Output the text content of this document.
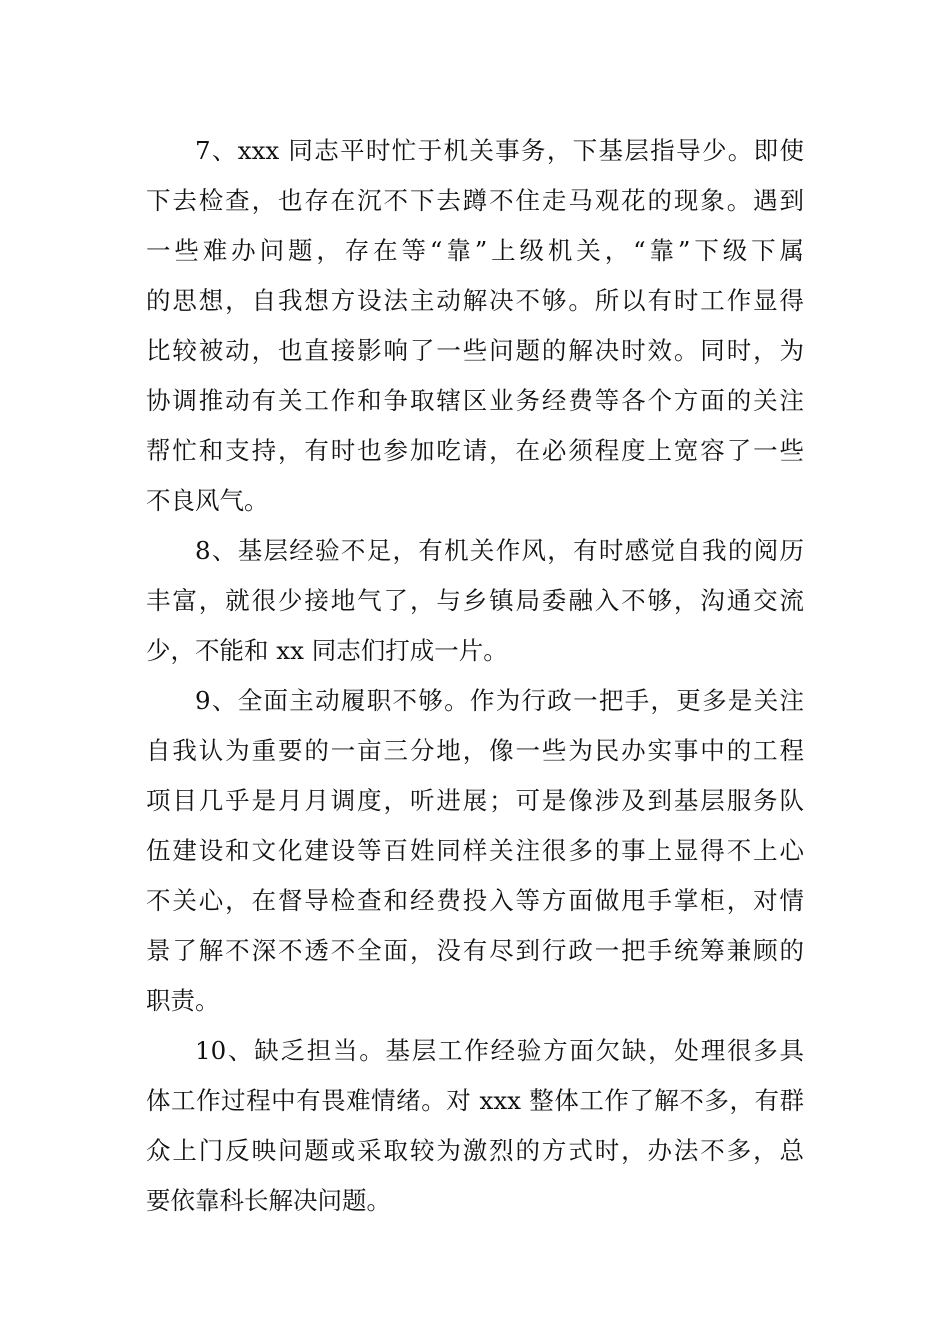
7、xxx 同志平时忙于机关事务，下基层指导少。即使
下去检查，也存在沉不下去蹲不住走马观花的现象。遇到
一些难办问题，存在等“靠”上级机关，“靠”下级下属
的思想，自我想方设法主动解决不够。所以有时工作显得
比较被动，也直接影响了一些问题的解决时效。同时，为
协调推动有关工作和争取辖区业务经费等各个方面的关注
帮忙和支持，有时也参加吃请，在必须程度上宽容了一些
不良风气。
8、基层经验不足，有机关作风，有时感觉自我的阅历
丰富，就很少接地气了，与乡镇局委融入不够，沟通交流
少，不能和 xx 同志们打成一片。
9、全面主动履职不够。作为行政一把手，更多是关注
自我认为重要的一亩三分地，像一些为民办实事中的工程
项目几乎是月月调度，听进展；可是像涉及到基层服务队
伍建设和文化建设等百姓同样关注很多的事上显得不上心
不关心，在督导检查和经费投入等方面做甩手掌柜，对情
景了解不深不透不全面，没有尽到行政一把手统筹兼顾的
职责。
10、缺乏担当。基层工作经验方面欠缺，处理很多具
体工作过程中有畏难情绪。对 xxx 整体工作了解不多，有群
众上门反映问题或采取较为激烈的方式时，办法不多，总
要依靠科长解决问题。
